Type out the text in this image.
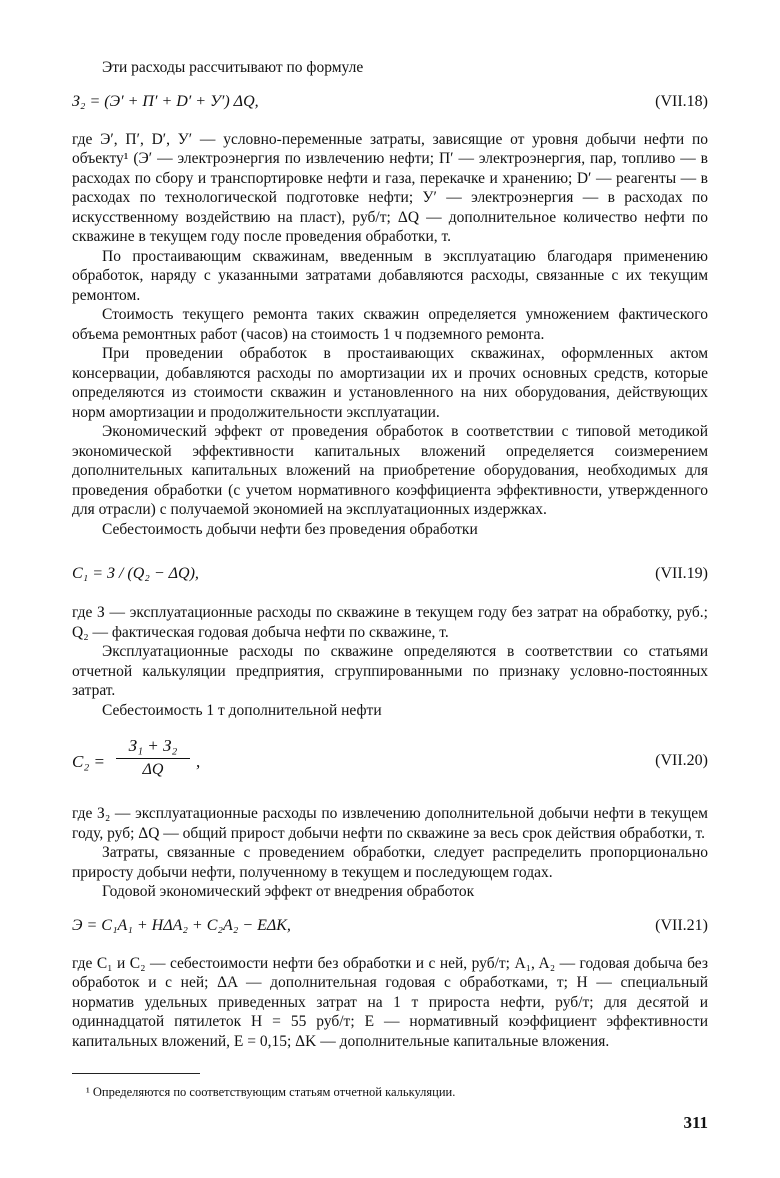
Эти расходы рассчитывают по формуле

З₂ = (Э′ + П′ + D′ + У′) ΔQ,	(VII.18)

где Э′, П′, D′, У′ — условно-переменные затраты, зависящие от уровня добычи нефти по объекту¹ (Э′ — электроэнергия по извлечению нефти; П′ — электроэнергия, пар, топливо — в расходах по сбору и транспортировке нефти и газа, перекачке и хранению; D′ — реагенты — в расходах по технологической подготовке нефти; У′ — электроэнергия — в расходах по искусственному воздействию на пласт), руб/т; ΔQ — дополнительное количество нефти по скважине в текущем году после проведения обработки, т.

По простаивающим скважинам, введенным в эксплуатацию благодаря применению обработок, наряду с указанными затратами добавляются расходы, связанные с их текущим ремонтом.

Стоимость текущего ремонта таких скважин определяется умножением фактического объема ремонтных работ (часов) на стоимость 1 ч подземного ремонта.

При проведении обработок в простаивающих скважинах, оформленных актом консервации, добавляются расходы по амортизации их и прочих основных средств, которые определяются из стоимости скважин и установленного на них оборудования, действующих норм амортизации и продолжительности эксплуатации.

Экономический эффект от проведения обработок в соответствии с типовой методикой экономической эффективности капитальных вложений определяется соизмерением дополнительных капитальных вложений на приобретение оборудования, необходимых для проведения обработки (с учетом нормативного коэффициента эффективности, утвержденного для отрасли) с получаемой экономией на эксплуатационных издержках.

Себестоимость добычи нефти без проведения обработки

C₁ = З / (Q₂ − ΔQ),	(VII.19)

где З — эксплуатационные расходы по скважине в текущем году без затрат на обработку, руб.; Q₂ — фактическая годовая добыча нефти по скважине, т.

Эксплуатационные расходы по скважине определяются в соответствии со статьями отчетной калькуляции предприятия, сгруппированными по признаку условно-постоянных затрат.

Себестоимость 1 т дополнительной нефти

C₂ =
З₁ + З₂
ΔQ	,	(VII.20)

где З₂ — эксплуатационные расходы по извлечению дополнительной добычи нефти в текущем году, руб; ΔQ — общий прирост добычи нефти по скважине за весь срок действия обработки, т.

Затраты, связанные с проведением обработки, следует распределить пропорционально приросту добычи нефти, полученному в текущем и последующем годах.

Годовой экономический эффект от внедрения обработок

Э = C₁A₁ + HΔA₂ + C₂A₂ − EΔK,	(VII.21)

где C₁ и C₂ — себестоимости нефти без обработки и с ней, руб/т; A₁, A₂ — годовая добыча без обработок и с ней; ΔA — дополнительная годовая с обработками, т; H — специальный норматив удельных приведенных затрат на 1 т прироста нефти, руб/т; для десятой и одиннадцатой пятилеток H = 55 руб/т; E — нормативный коэффициент эффективности капитальных вложений, E = 0,15; ΔK — дополнительные капитальные вложения.

¹ Определяются по соответствующим статьям отчетной калькуляции.

311
